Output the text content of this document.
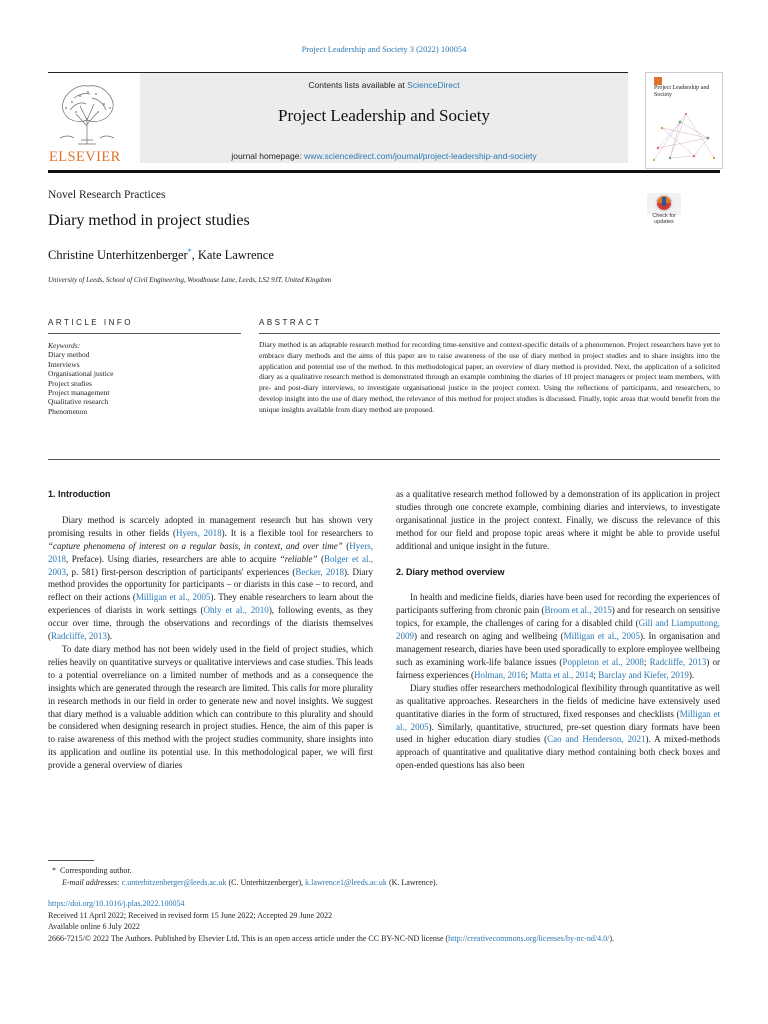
Project Leadership and Society 3 (2022) 100054
Contents lists available at ScienceDirect
Project Leadership and Society
journal homepage: www.sciencedirect.com/journal/project-leadership-and-society
ELSEVIER
Project Leadership and Society
Novel Research Practices
Diary method in project studies	Check for
updates
Christine Unterhitzenberger*, Kate Lawrence
University of Leeds, School of Civil Engineering, Woodhouse Lane, Leeds, LS2 9JT, United Kingdom
ARTICLE INFO	ABSTRACT
Keywords:
Diary method
Interviews
Organisational justice
Project studies
Project management
Qualitative research
Phenomenon
Diary method is an adaptable research method for recording time-sensitive and context-specific details of a phenomenon. Project researchers have yet to embrace diary methods and the aims of this paper are to raise awareness of the use of diary method in project studies and to share insights into the application and potential use of the method. In this methodological paper, an overview of diary method is provided. Next, the application of a solicited diary as a qualitative research method is demonstrated through an example combining the diaries of 10 project managers or project team members, with pre- and post-diary interviews, to investigate organisational justice in the project context. Using the reflections of participants, and researchers, to develop insight into the use of diary method, the relevance of this method for project studies is discussed. Finally, topic areas that would benefit from the unique insights available from diary method are proposed.

1. Introduction

Diary method is scarcely adopted in management research but has shown very promising results in other fields (Hyers, 2018). It is a flexible tool for researchers to “capture phenomena of interest on a regular basis, in context, and over time” (Hyers, 2018, Preface). Using diaries, researchers are able to acquire “reliable” (Bolger et al., 2003, p. 581) first-person description of participants' experiences (Becker, 2018). Diary method provides the opportunity for participants – or diarists in this case – to record, and reflect on their actions (Milligan et al., 2005). They enable researchers to learn about the experiences of diarists in work settings (Ohly et al., 2010), following events, as they occur over time, through the observations and recordings of the diarists themselves (Radcliffe, 2013).

To date diary method has not been widely used in the field of project studies, which relies heavily on quantitative surveys or qualitative interviews and case studies. This leads to a potential overreliance on a limited number of methods and as a consequence the insights which are generated through the research are limited. This calls for more plurality in research methods in our field in order to generate new and novel insights. We suggest that diary method is a valuable addition which can contribute to this plurality and should be considered when designing research in project studies. Hence, the aim of this paper is to raise awareness of this method with the project studies community, share insights into its application and outline its potential use. In this methodological paper, we will first provide a general overview of diaries

as a qualitative research method followed by a demonstration of its application in project studies through one concrete example, combining diaries and interviews, to investigate organisational justice in the project context. Finally, we discuss the relevance of this method for our field and propose topic areas where it might be able to provide useful additional and unique insight in the future.

2. Diary method overview

In health and medicine fields, diaries have been used for recording the experiences of participants suffering from chronic pain (Broom et al., 2015) and for research on sensitive topics, for example, the challenges of caring for a disabled child (Gill and Liamputtong, 2009) and research on aging and wellbeing (Milligan et al., 2005). In organisation and management research, diaries have been used sporadically to explore employee wellbeing such as examining work-life balance issues (Poppleton et al., 2008; Radcliffe, 2013) or fairness experiences (Holman, 2016; Matta et al., 2014; Barclay and Kiefer, 2019).

Diary studies offer researchers methodological flexibility through quantitative as well as qualitative approaches. Researchers in the fields of medicine have extensively used quantitative diaries in the form of structured, fixed responses and checklists (Milligan et al., 2005). Similarly, quantitative, structured, pre-set question diary formats have been used in higher education diary studies (Cao and Henderson, 2021). A mixed-methods approach of quantitative and qualitative diary method containing both check boxes and open-ended questions has also been

* Corresponding author.
E-mail addresses: c.unterhitzenberger@leeds.ac.uk (C. Unterhitzenberger), k.lawrence1@leeds.ac.uk (K. Lawrence).
https://doi.org/10.1016/j.plas.2022.100054
Received 11 April 2022; Received in revised form 15 June 2022; Accepted 29 June 2022
Available online 6 July 2022
2666-7215/© 2022 The Authors. Published by Elsevier Ltd. This is an open access article under the CC BY-NC-ND license (http://creativecommons.org/licenses/by-nc-nd/4.0/).
